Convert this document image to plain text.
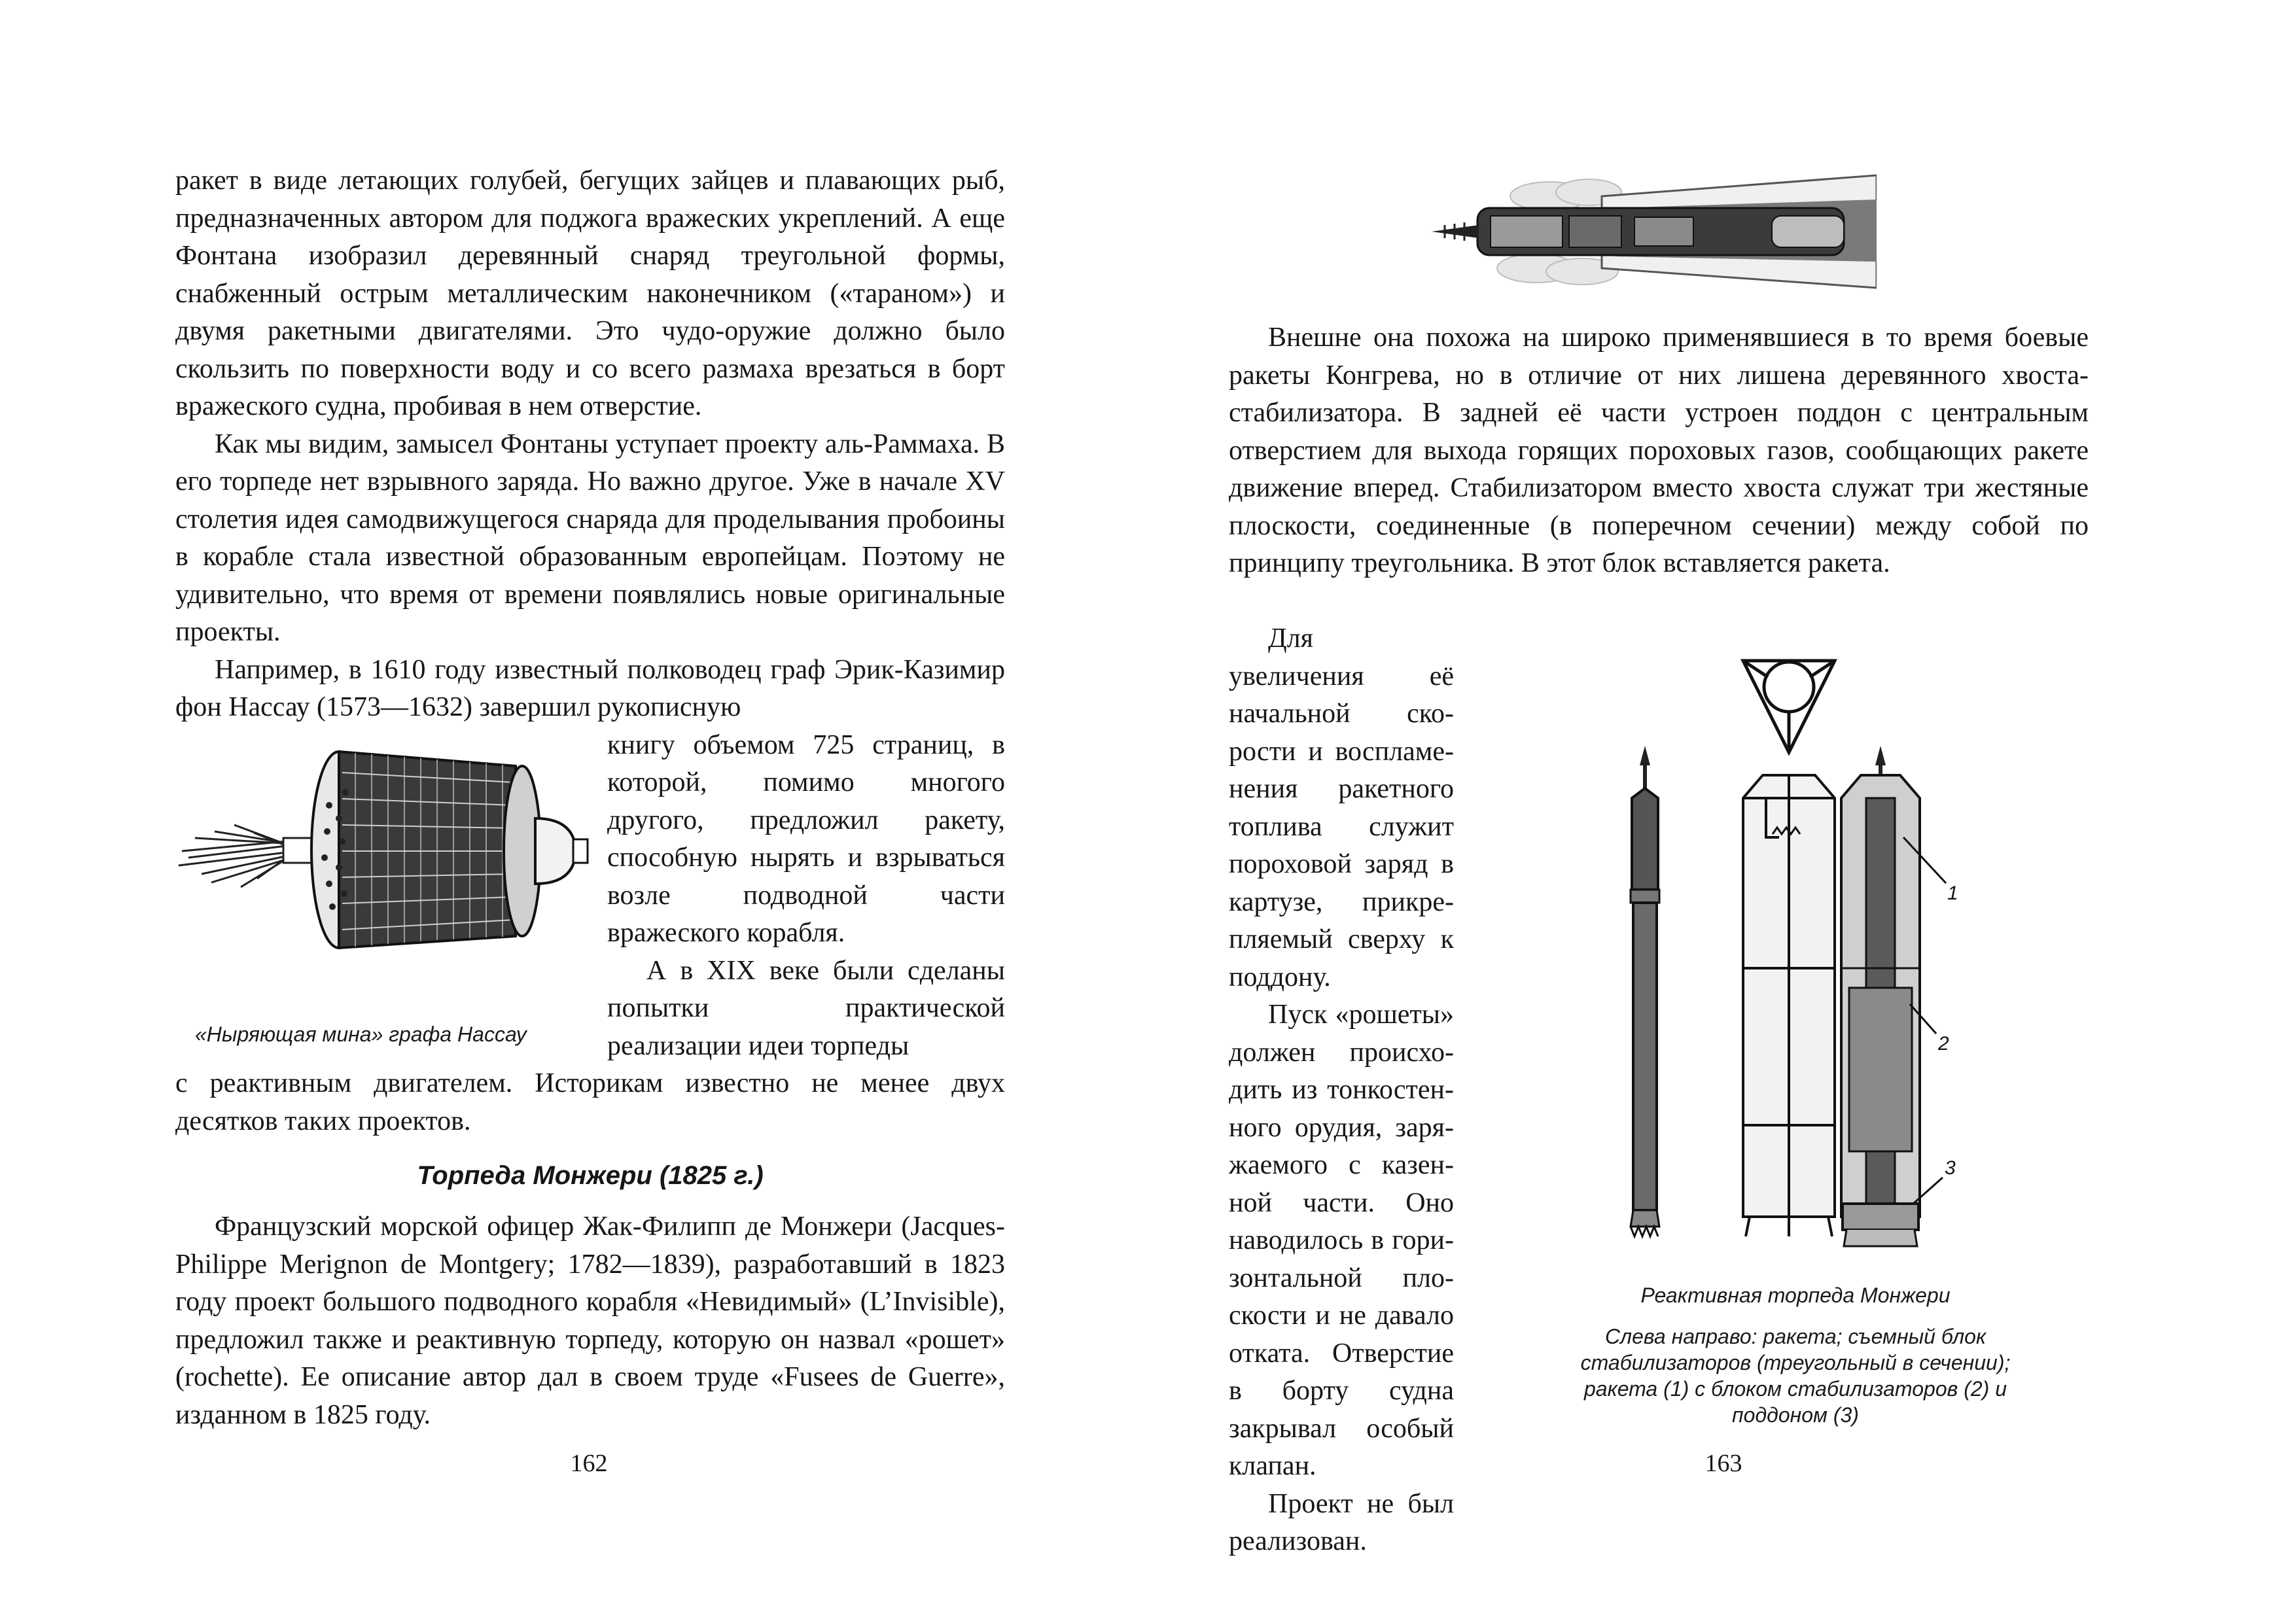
ракет в виде летающих голубей, бегущих зайцев и плавающих рыб, предназначенных автором для поджога вражеских укреплений. А еще Фонтана изобразил деревянный снаряд треугольной формы, снабженный острым металлическим наконечником («тараном») и двумя ракетными двигателями. Это чудо-оружие должно было скользить по поверхности воду и со всего размаха врезаться в борт вражеского судна, пробивая в нем отверстие.

Как мы видим, замысел Фонтаны уступает проекту аль-Раммаха. В его торпеде нет взрывного заряда. Но важно другое. Уже в начале XV столетия идея самодвижущегося снаряда для проделывания пробоины в корабле стала известной образованным европейцам. Поэтому не удивительно, что время от времени появлялись новые оригинальные проекты.

Например, в 1610 году известный полководец граф Эрик-Казимир фон Нассау (1573—1632) завершил рукописную

«Ныряющая мина» графа Нассау

книгу объемом 725 страниц, в которой, помимо многого другого, предложил ракету, способную нырять и взрываться возле подводной части вражеского корабля.

А в XIX веке были сделаны попытки практической реализации идеи торпеды

с реактивным двигателем. Историкам известно не менее двух десятков таких проектов.

Торпеда Монжери (1825 г.)

Французский морской офицер Жак-Филипп де Монжери (Jacques-Philippe Merignon de Montgery; 1782—1839), разработавший в 1823 году проект большого подводного корабля «Невидимый» (L’Invisible), предложил также и реактивную торпеду, которую он назвал «рошет» (rochette). Ее описание автор дал в своем труде «Fusees de Guerre», изданном в 1825 году.

162

Внешне она похожа на широко применявшиеся в то время боевые ракеты Конгрева, но в отличие от них лишена деревянного хвоста-стабилизатора. В задней её части устроен поддон с центральным отверстием для выхода горящих пороховых газов, сообщающих ракете движение вперед. Стабилизатором вместо хвоста служат три жестяные плоскости, соединенные (в поперечном сечении) между собой по принципу треугольника. В этот блок вставляется ракета.

Для увеличения её начальной скорости и воспламенения ракетного топлива служит пороховой заряд в картузе, прикрепляемый сверху к поддону.

Пуск «рошеты» должен происходить из тонкостенного орудия, заряжаемого с казенной части. Оно наводилось в горизонтальной плоскости и не давало отката. Отверстие в борту судна закрывал особый клапан.

Проект не был реализован.

1
2
3
Реактивная торпеда Монжери
Слева направо: ракета; съемный блок стабилизаторов (треугольный в сечении); ракета (1) с блоком стабилизаторов (2) и поддоном (3)
163
